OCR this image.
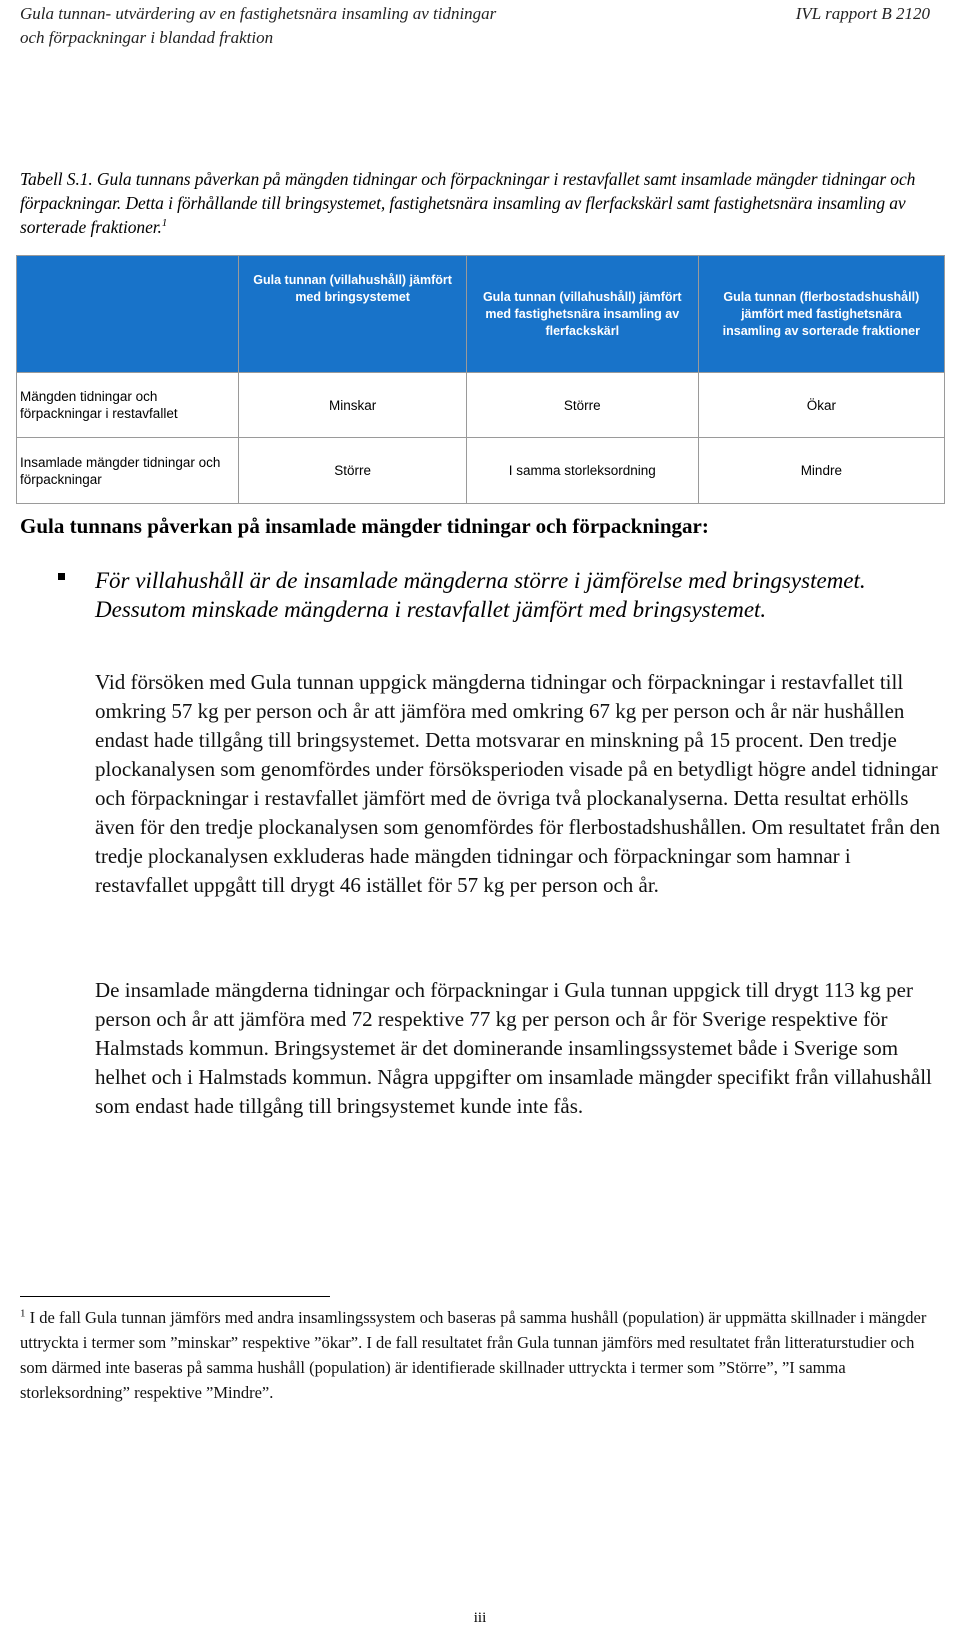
Gula tunnan- utvärdering av en fastighetsnära insamling av tidningar
och förpackningar i blandad fraktion
IVL rapport B 2120
Tabell S.1. Gula tunnans påverkan på mängden tidningar och förpackningar i restavfallet samt insamlade mängder tidningar och förpackningar. Detta i förhållande till bringsystemet, fastighetsnära insamling av flerfackskärl samt fastighetsnära insamling av sorterade fraktioner.$^1$
	Gula tunnan (villahushåll) jämfört med bringsystemet	Gula tunnan (villahushåll) jämfört med fastighetsnära insamling av flerfackskärl	Gula tunnan (flerbostadshushåll) jämfört med fastighetsnära insamling av sorterade fraktioner
Mängden tidningar och förpackningar i restavfallet	Minskar	Större	Ökar
Insamlade mängder tidningar och förpackningar	Större	I samma storleksordning	Mindre
Gula tunnans påverkan på insamlade mängder tidningar och förpackningar:
För villahushåll är de insamlade mängderna större i jämförelse med bringsystemet. Dessutom minskade mängderna i restavfallet jämfört med bringsystemet.
Vid försöken med Gula tunnan uppgick mängderna tidningar och förpackningar i restavfallet till omkring 57 kg per person och år att jämföra med omkring 67 kg per person och år när hushållen endast hade tillgång till bringsystemet. Detta motsvarar en minskning på 15 procent. Den tredje plockanalysen som genomfördes under försöksperioden visade på en betydligt högre andel tidningar och förpackningar i restavfallet jämfört med de övriga två plockanalyserna. Detta resultat erhölls även för den tredje plockanalysen som genomfördes för flerbostadshushållen. Om resultatet från den tredje plockanalysen exkluderas hade mängden tidningar och förpackningar som hamnar i restavfallet uppgått till drygt 46 istället för 57 kg per person och år.
De insamlade mängderna tidningar och förpackningar i Gula tunnan uppgick till drygt 113 kg per person och år att jämföra med 72 respektive 77 kg per person och år för Sverige respektive för Halmstads kommun. Bringsystemet är det dominerande insamlingssystemet både i Sverige som helhet och i Halmstads kommun. Några uppgifter om insamlade mängder specifikt från villahushåll som endast hade tillgång till bringsystemet kunde inte fås.
$^1$ I de fall Gula tunnan jämförs med andra insamlingssystem och baseras på samma hushåll (population) är uppmätta skillnader i mängder uttryckta i termer som ”minskar” respektive ”ökar”. I de fall resultatet från Gula tunnan jämförs med resultatet från litteraturstudier och som därmed inte baseras på samma hushåll (population) är identifierade skillnader uttryckta i termer som ”Större”, ”I samma storleksordning” respektive ”Mindre”.
iii
